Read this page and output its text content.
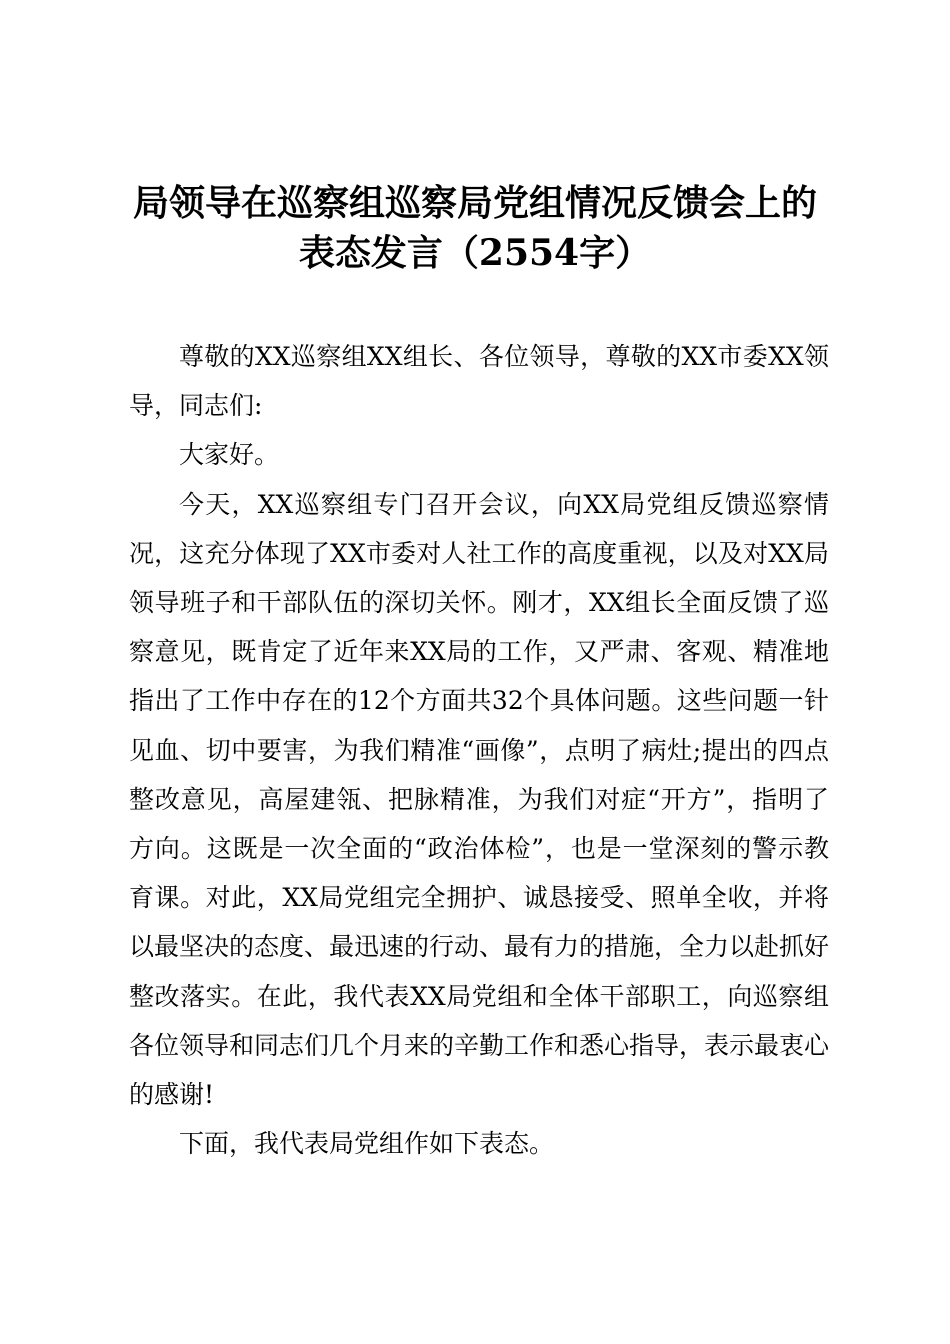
局领导在巡察组巡察局党组情况反馈会上的表态发言（2554字）

尊敬的XX巡察组XX组长、各位领导，尊敬的XX市委XX领导，同志们:

大家好。

今天，XX巡察组专门召开会议，向XX局党组反馈巡察情况，这充分体现了XX市委对人社工作的高度重视，以及对XX局领导班子和干部队伍的深切关怀。刚才，XX组长全面反馈了巡察意见，既肯定了近年来XX局的工作，又严肃、客观、精准地指出了工作中存在的12个方面共32个具体问题。这些问题一针见血、切中要害，为我们精准“画像”，点明了病灶;提出的四点整改意见，高屋建瓴、把脉精准，为我们对症“开方”，指明了方向。这既是一次全面的“政治体检”，也是一堂深刻的警示教育课。对此，XX局党组完全拥护、诚恳接受、照单全收，并将以最坚决的态度、最迅速的行动、最有力的措施，全力以赴抓好整改落实。在此，我代表XX局党组和全体干部职工，向巡察组各位领导和同志们几个月来的辛勤工作和悉心指导，表示最衷心的感谢!

下面，我代表局党组作如下表态。
